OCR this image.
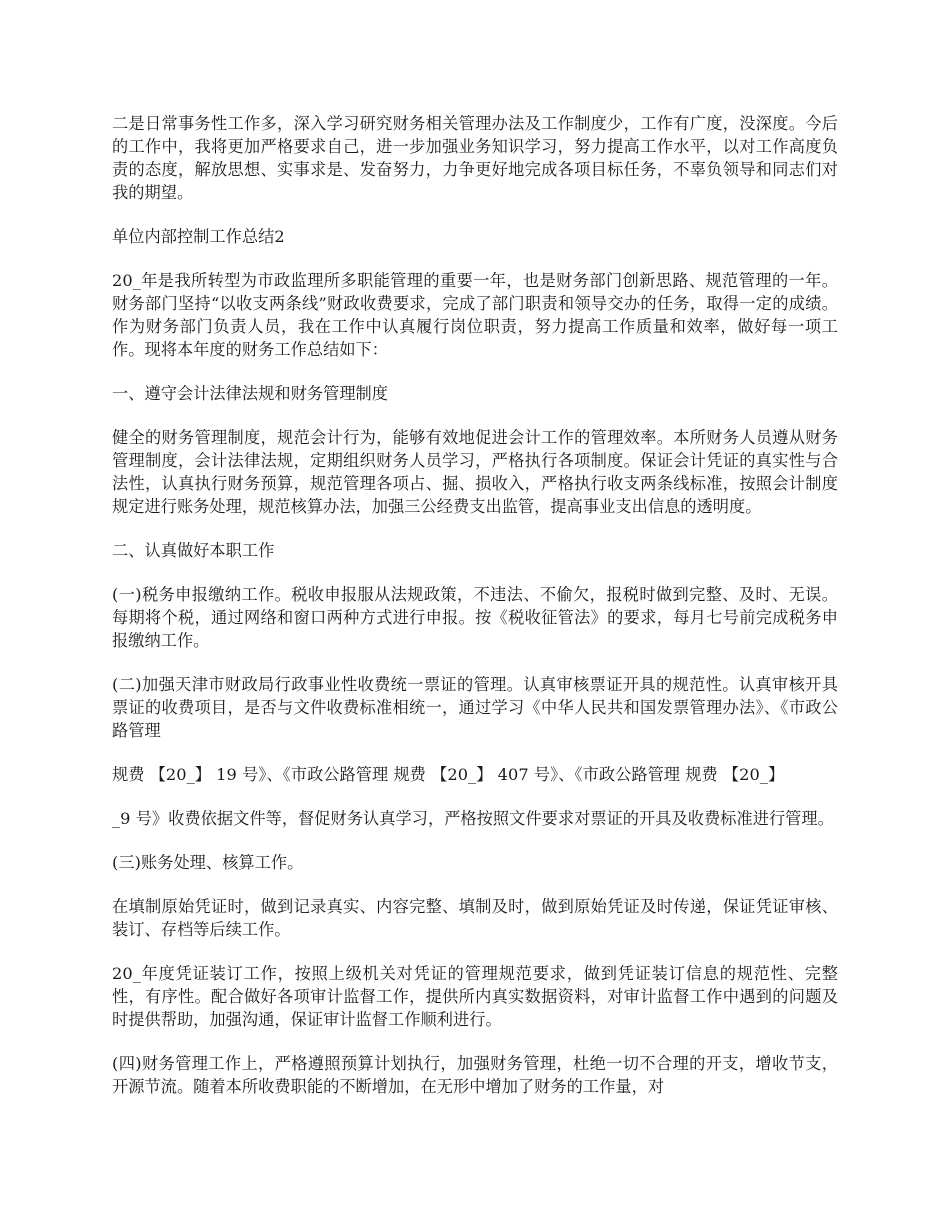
二是日常事务性工作多，深入学习研究财务相关管理办法及工作制度少，工作有广度，没深度。今后的工作中，我将更加严格要求自己，进一步加强业务知识学习，努力提高工作水平，以对工作高度负责的态度，解放思想、实事求是、发奋努力，力争更好地完成各项目标任务，不辜负领导和同志们对我的期望。

单位内部控制工作总结2

20_年是我所转型为市政监理所多职能管理的重要一年，也是财务部门创新思路、规范管理的一年。财务部门坚持“以收支两条线”财政收费要求，完成了部门职责和领导交办的任务，取得一定的成绩。作为财务部门负责人员，我在工作中认真履行岗位职责，努力提高工作质量和效率，做好每一项工作。现将本年度的财务工作总结如下：

一、遵守会计法律法规和财务管理制度

健全的财务管理制度，规范会计行为，能够有效地促进会计工作的管理效率。本所财务人员遵从财务管理制度，会计法律法规，定期组织财务人员学习，严格执行各项制度。保证会计凭证的真实性与合法性，认真执行财务预算，规范管理各项占、掘、损收入，严格执行收支两条线标准，按照会计制度规定进行账务处理，规范核算办法，加强三公经费支出监管，提高事业支出信息的透明度。

二、认真做好本职工作

(一)税务申报缴纳工作。税收申报服从法规政策，不违法、不偷欠，报税时做到完整、及时、无误。每期将个税，通过网络和窗口两种方式进行申报。按《税收征管法》的要求，每月七号前完成税务申报缴纳工作。

(二)加强天津市财政局行政事业性收费统一票证的管理。认真审核票证开具的规范性。认真审核开具票证的收费项目，是否与文件收费标准相统一，通过学习《中华人民共和国发票管理办法》、《市政公路管理

规费 【20_】 19 号》、《市政公路管理 规费 【20_】 407 号》、《市政公路管理 规费 【20_】

_9 号》收费依据文件等，督促财务认真学习，严格按照文件要求对票证的开具及收费标准进行管理。

(三)账务处理、核算工作。

在填制原始凭证时，做到记录真实、内容完整、填制及时，做到原始凭证及时传递，保证凭证审核、装订、存档等后续工作。

20_年度凭证装订工作，按照上级机关对凭证的管理规范要求，做到凭证装订信息的规范性、完整性，有序性。配合做好各项审计监督工作，提供所内真实数据资料，对审计监督工作中遇到的问题及时提供帮助，加强沟通，保证审计监督工作顺利进行。

(四)财务管理工作上，严格遵照预算计划执行，加强财务管理，杜绝一切不合理的开支，增收节支，开源节流。随着本所收费职能的不断增加，在无形中增加了财务的工作量，对
